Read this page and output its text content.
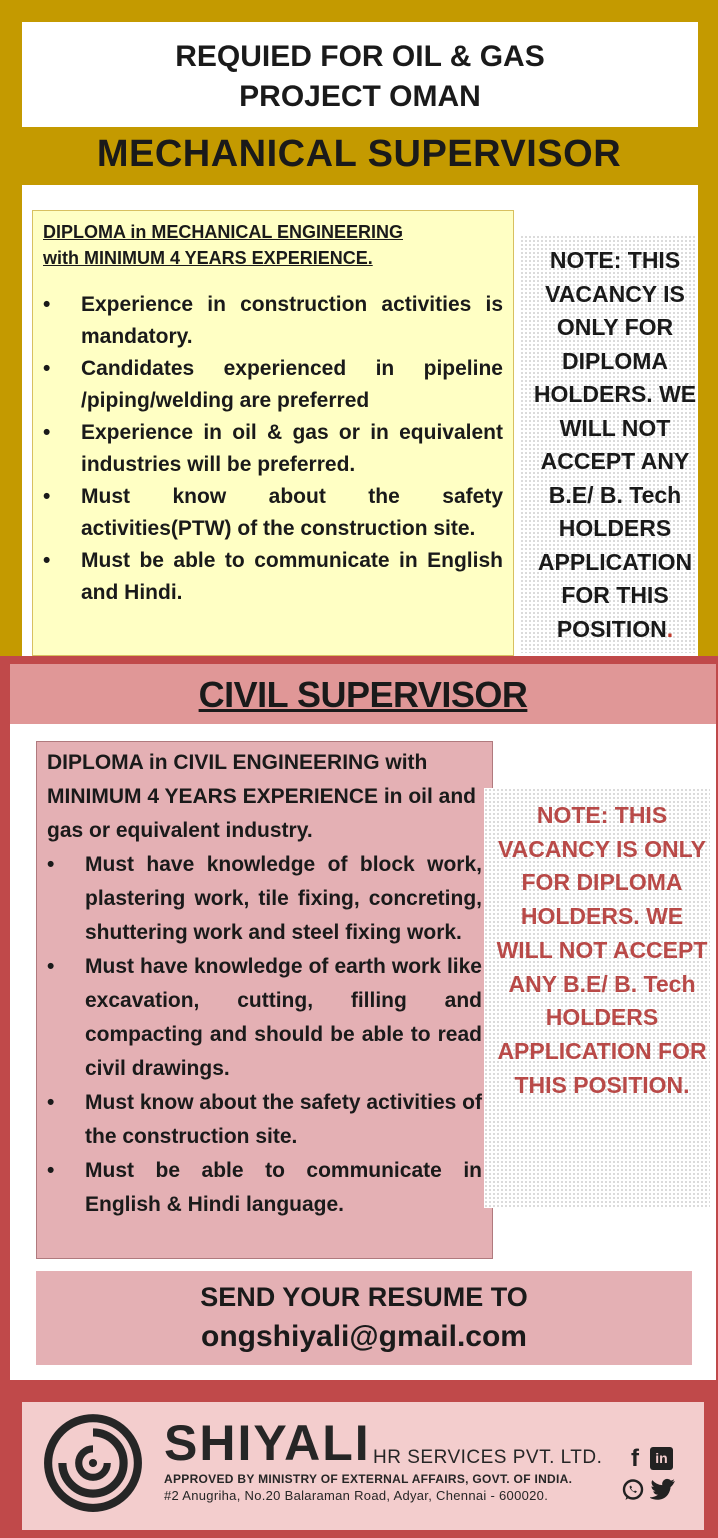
REQUIED FOR OIL & GAS
PROJECT OMAN
MECHANICAL SUPERVISOR
DIPLOMA in MECHANICAL ENGINEERING
with MINIMUM 4 YEARS EXPERIENCE.
• Experience in construction activities is mandatory.
• Candidates experienced in pipeline /piping/welding are preferred
• Experience in oil & gas or in equivalent industries will be preferred.
• Must know about the safety activities(PTW) of the construction site.
• Must be able to communicate in English and Hindi.
NOTE: THIS VACANCY IS ONLY FOR DIPLOMA HOLDERS. WE WILL NOT ACCEPT ANY B.E/ B. Tech HOLDERS APPLICATION FOR THIS POSITION.
CIVIL SUPERVISOR
DIPLOMA in CIVIL ENGINEERING with MINIMUM 4 YEARS EXPERIENCE in oil and gas or equivalent industry.
• Must have knowledge of block work, plastering work, tile fixing, concreting, shuttering work and steel fixing work.
• Must have knowledge of earth work like excavation, cutting, filling and compacting and should be able to read civil drawings.
• Must know about the safety activities of the construction site.
• Must be able to communicate in English & Hindi language.
NOTE: THIS VACANCY IS ONLY FOR DIPLOMA HOLDERS. WE WILL NOT ACCEPT ANY B.E/ B. Tech HOLDERS APPLICATION FOR THIS POSITION.
SEND YOUR RESUME TO
ongshiyali@gmail.com
SHIYALI HR SERVICES PVT. LTD.
APPROVED BY MINISTRY OF EXTERNAL AFFAIRS, GOVT. OF INDIA.
#2 Anugriha, No.20 Balaraman Road, Adyar, Chennai - 600020.
f	in
